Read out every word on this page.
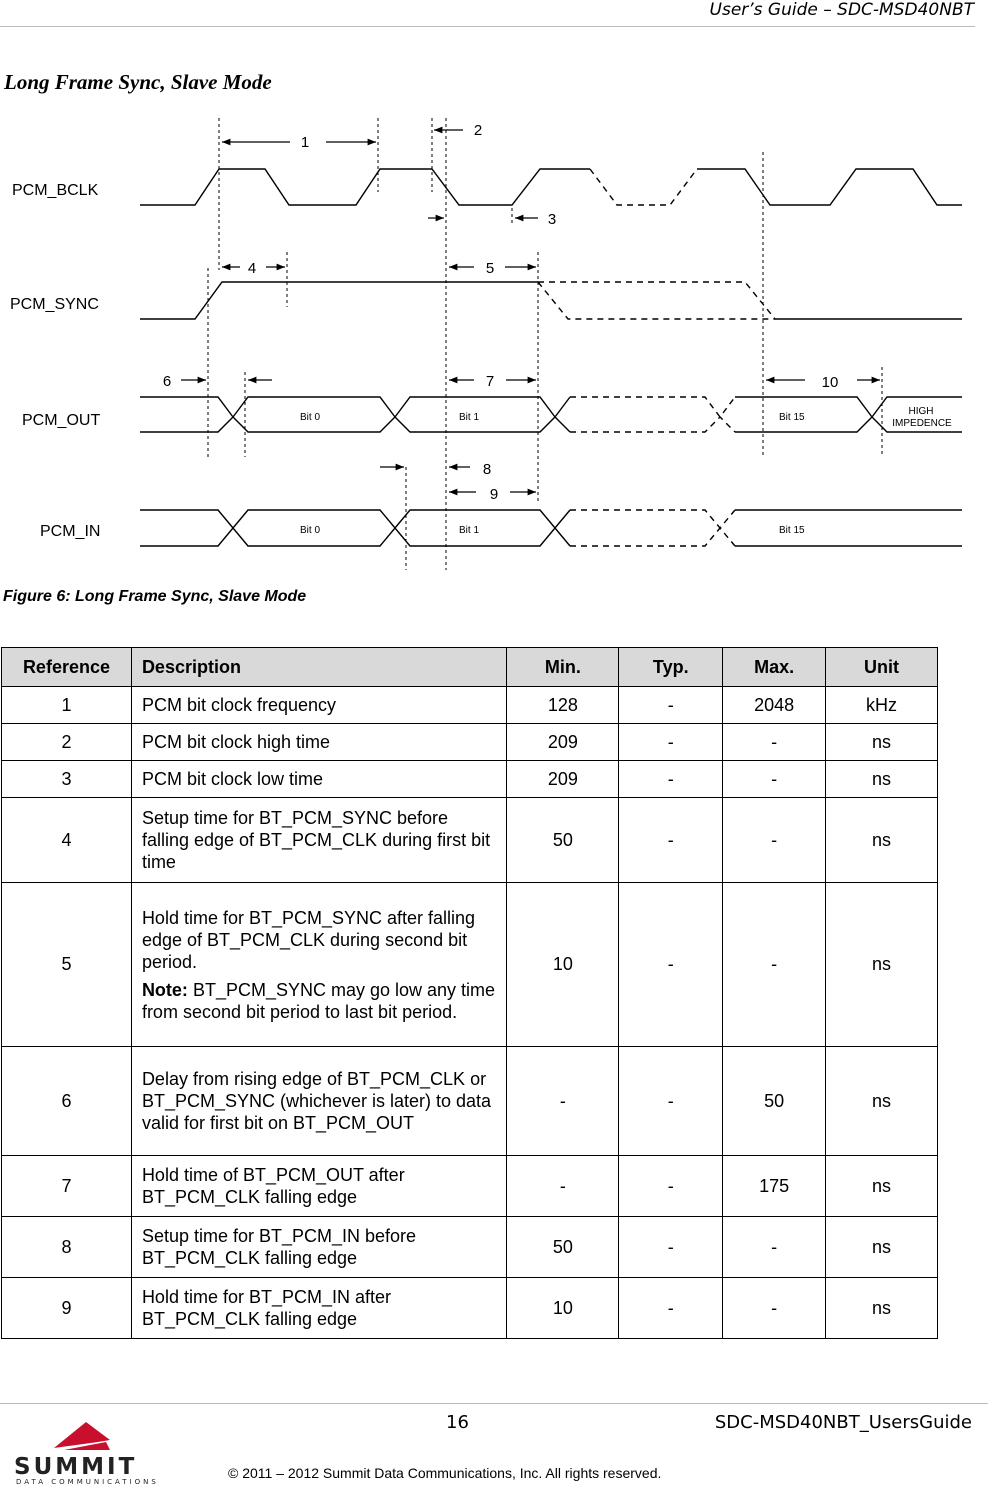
User’s Guide – SDC-MSD40NBT
Long Frame Sync, Slave Mode
PCM_BCLK
PCM_SYNC
PCM_OUT
PCM_IN
1
2
3
4	5
6	7	10
8
9
Bit 0	Bit 1	Bit 15
Bit 0	Bit 1	Bit 15
HIGH
IMPEDENCE
Figure 6: Long Frame Sync, Slave Mode
Reference	Description	Min.	Typ.	Max.	Unit
1	PCM bit clock frequency	128	-	2048	kHz
2	PCM bit clock high time	209	-	-	ns
3	PCM bit clock low time	209	-	-	ns
4	Setup time for BT_PCM_SYNC before falling edge of BT_PCM_CLK during first bit time	50	-	-	ns
5	Hold time for BT_PCM_SYNC after falling edge of BT_PCM_CLK during second bit period.

Note: BT_PCM_SYNC may go low any time from second bit period to last bit period.	10	-	-	ns
6	Delay from rising edge of BT_PCM_CLK or BT_PCM_SYNC (whichever is later) to data valid for first bit on BT_PCM_OUT	-	-	50	ns
7	Hold time of BT_PCM_OUT after BT_PCM_CLK falling edge	-	-	175	ns
8	Setup time for BT_PCM_IN before BT_PCM_CLK falling edge	50	-	-	ns
9	Hold time for BT_PCM_IN after BT_PCM_CLK falling edge	10	-	-	ns
SUMMIT
DATA COMMUNICATIONS
16	SDC-MSD40NBT_UsersGuide
© 2011 – 2012 Summit Data Communications, Inc. All rights reserved.
